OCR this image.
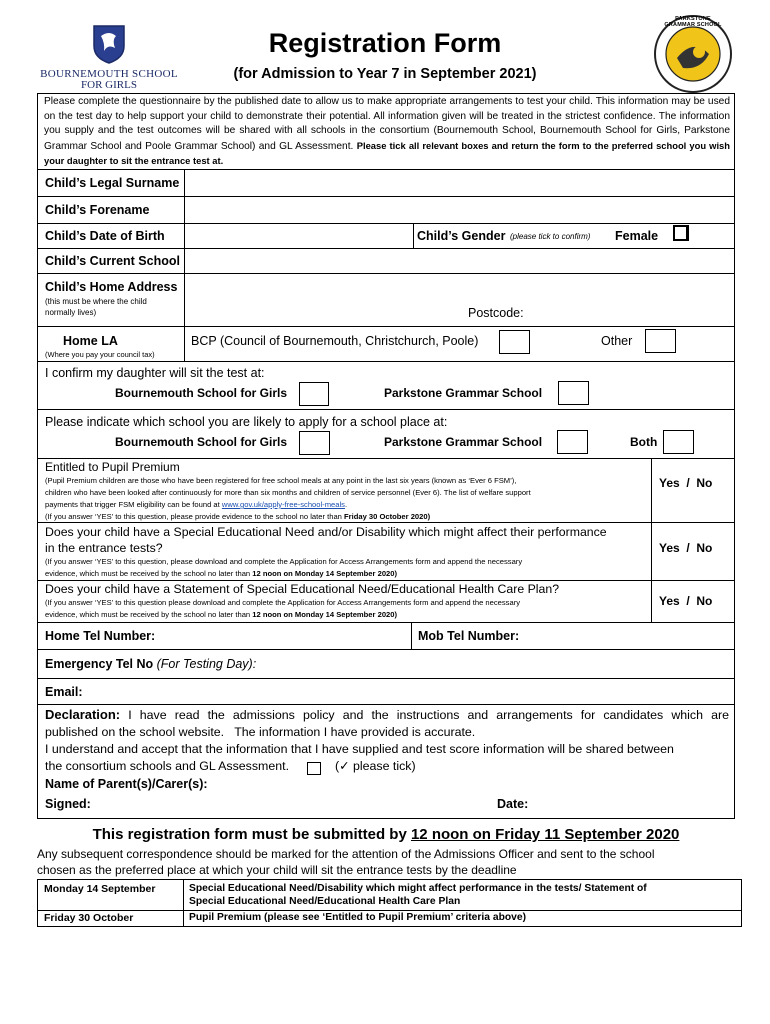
BOURNEMOUTH SCHOOL
FOR GIRLS
Registration Form
(for Admission to Year 7 in September 2021)
PARKSTONE GRAMMAR SCHOOL
Please complete the questionnaire by the published date to allow us to make appropriate arrangements to test your child. This information may be used on the test day to help support your child to demonstrate their potential. All information given will be treated in the strictest confidence. The information you supply and the test outcomes will be shared with all schools in the consortium (Bournemouth School, Bournemouth School for Girls, Parkstone Grammar School and Poole Grammar School) and GL Assessment. Please tick all relevant boxes and return the form to the preferred school you wish your daughter to sit the entrance test at.
Child’s Legal Surname
Child’s Forename
Child’s Date of Birth	Child’s Gender (please tick to confirm) Female
Child’s Current School
Child’s Home Address
(this must be where the child
normally lives)	Postcode:
Home LA
(Where you pay your council tax)
BCP (Council of Bournemouth, Christchurch, Poole)	Other
I confirm my daughter will sit the test at:
Bournemouth School for Girls	Parkstone Grammar School
Please indicate which school you are likely to apply for a school place at:
Bournemouth School for Girls	Parkstone Grammar School	Both
Entitled to Pupil Premium
(Pupil Premium children are those who have been registered for free school meals at any point in the last six years (known as ‘Ever 6 FSM’),
children who have been looked after continuously for more than six months and children of service personnel (Ever 6). The list of welfare support
payments that trigger FSM eligibility can be found at www.gov.uk/apply-free-school-meals.
(If you answer ‘YES’ to this question, please provide evidence to the school no later than Friday 30 October 2020)
Yes  /  No
Does your child have a Special Educational Need and/or Disability which might affect their performance
in the entrance tests?
(If you answer ‘YES’ to this question, please download and complete the Application for Access Arrangements form and append the necessary
evidence, which must be received by the school no later than 12 noon on Monday 14 September 2020)
Yes  /  No
Does your child have a Statement of Special Educational Need/Educational Health Care Plan?
(If you answer ‘YES’ to this question please download and complete the Application for Access Arrangements form and append the necessary
evidence, which must be received by the school no later than 12 noon on Monday 14 September 2020)
Yes  /  No
Home Tel Number:	Mob Tel Number:
Emergency Tel No (For Testing Day):
Email:
Declaration: I have read the admissions policy and the instructions and arrangements for candidates which are
published on the school website.   The information I have provided is accurate.
I understand and accept that the information that I have supplied and test score information will be shared between
the consortium schools and GL Assessment.	(✓ please tick)
Name of Parent(s)/Carer(s):
Signed:	Date:
This registration form must be submitted by 12 noon on Friday 11 September 2020
Any subsequent correspondence should be marked for the attention of the Admissions Officer and sent to the school
chosen as the preferred place at which your child will sit the entrance tests by the deadline
Monday 14 September	Special Educational Need/Disability which might affect performance in the tests/ Statement of
Special Educational Need/Educational Health Care Plan
Friday 30 October	Pupil Premium (please see ‘Entitled to Pupil Premium’ criteria above)
